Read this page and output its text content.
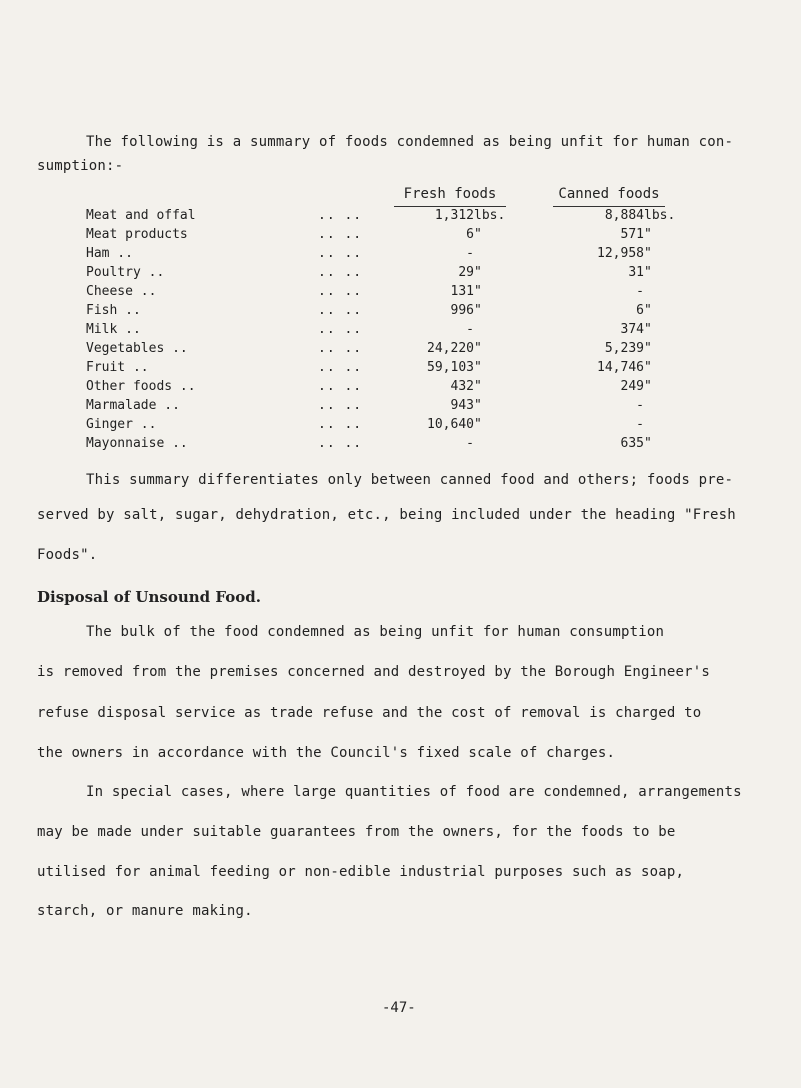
The following is a summary of foods condemned as being unfit for human con-
sumption:-
Fresh foods	Canned foods
Meat and offal	.. ..	1,312	lbs.	8,884	lbs.
Meat products	.. ..	6	"	571	"
Ham ..	.. ..	-		12,958	"
Poultry ..	.. ..	29	"	31	"
Cheese ..	.. ..	131	"	-	
Fish ..	.. ..	996	"	6	"
Milk ..	.. ..	-		374	"
Vegetables ..	.. ..	24,220	"	5,239	"
Fruit ..	.. ..	59,103	"	14,746	"
Other foods ..	.. ..	432	"	249	"
Marmalade ..	.. ..	943	"	-	
Ginger ..	.. ..	10,640	"	-	
Mayonnaise ..	.. ..	-		635	"
This summary differentiates only between canned food and others; foods pre-
served by salt, sugar, dehydration, etc., being included under the heading "Fresh
Foods".
Disposal of Unsound Food.
The bulk of the food condemned as being unfit for human consumption
is removed from the premises concerned and destroyed by the Borough Engineer's
refuse disposal service as trade refuse and the cost of removal is charged to
the owners in accordance with the Council's fixed scale of charges.
In special cases, where large quantities of food are condemned, arrangements
may be made under suitable guarantees from the owners, for the foods to be
utilised for animal feeding or non-edible industrial purposes such as soap,
starch, or manure making.
-47-
